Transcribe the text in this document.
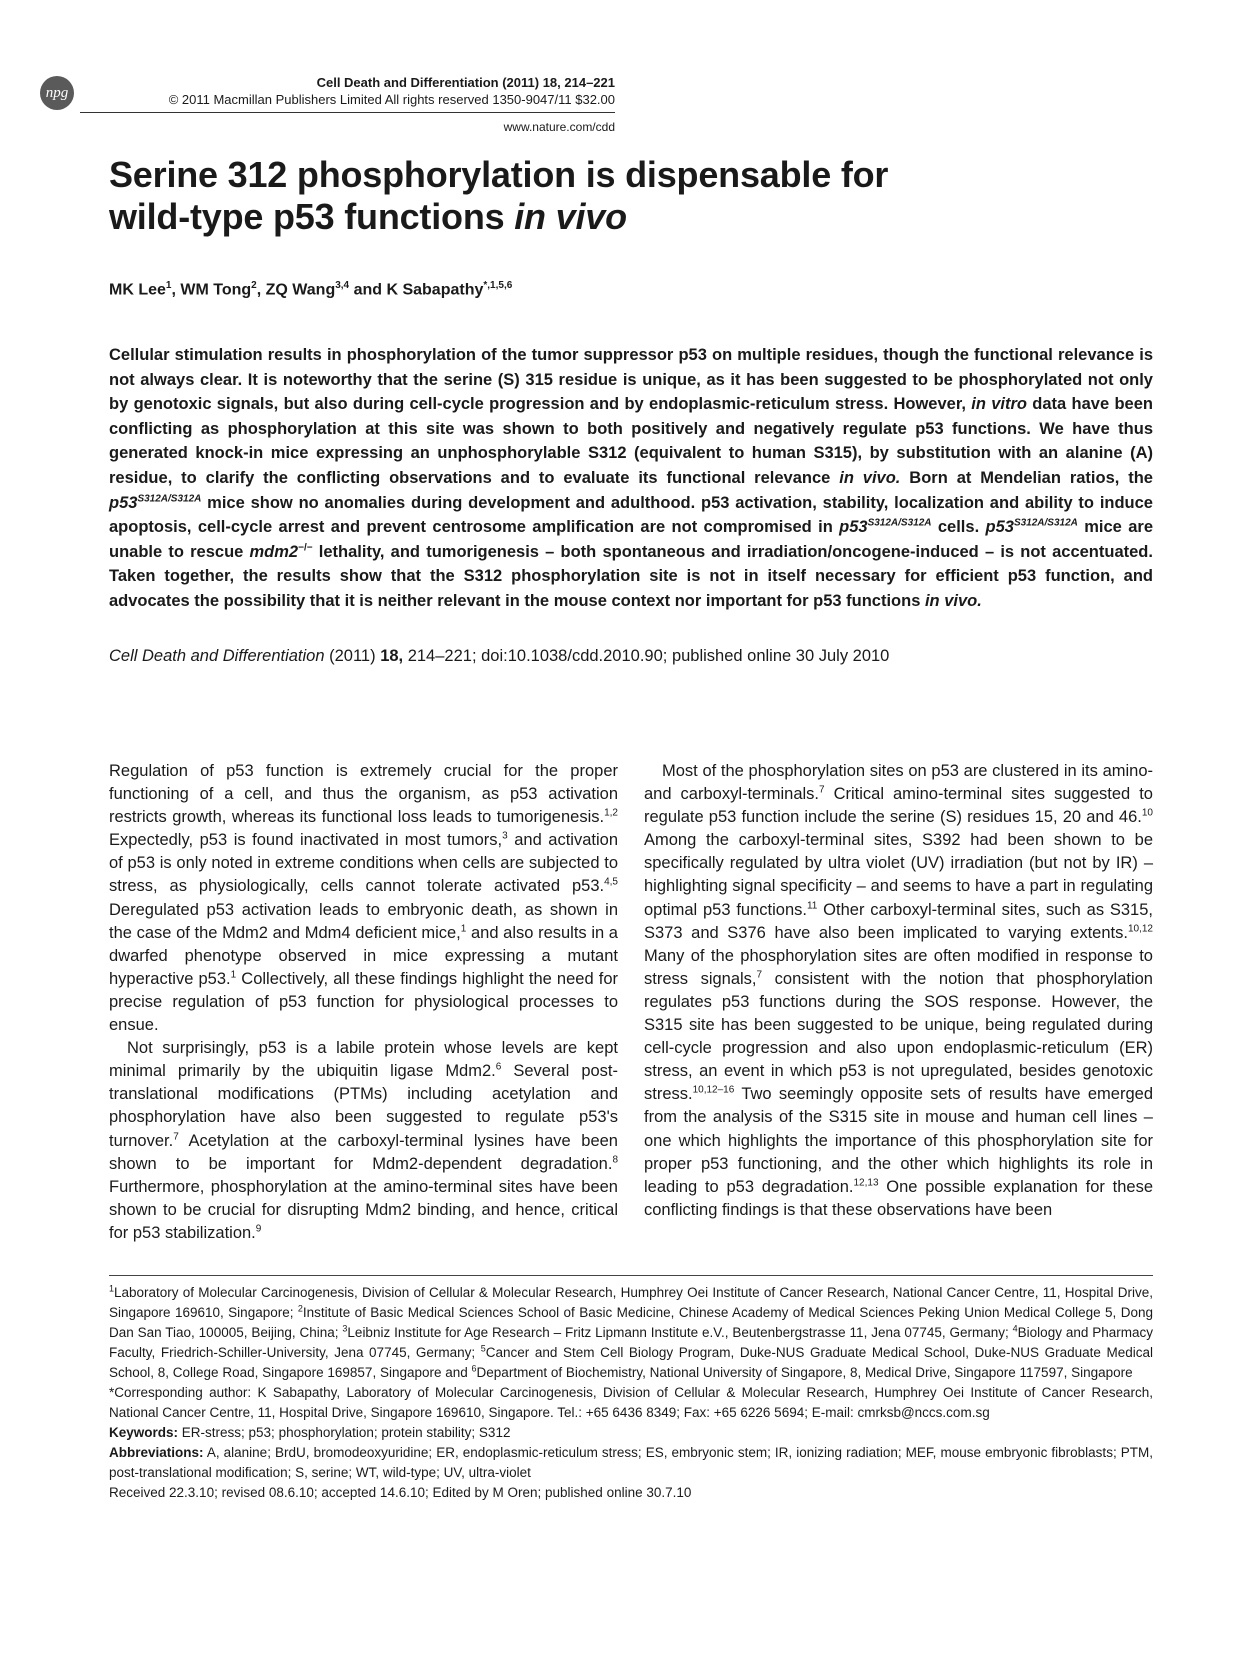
npg
Cell Death and Differentiation (2011) 18, 214–221
© 2011 Macmillan Publishers Limited All rights reserved 1350-9047/11 $32.00
www.nature.com/cdd
Serine 312 phosphorylation is dispensable for
wild-type p53 functions in vivo
MK Lee$^1$, WM Tong$^2$, ZQ Wang$^{3,4}$ and K Sabapathy$^{*,1,5,6}$
Cellular stimulation results in phosphorylation of the tumor suppressor p53 on multiple residues, though the functional relevance is not always clear. It is noteworthy that the serine (S) 315 residue is unique, as it has been suggested to be phosphorylated not only by genotoxic signals, but also during cell-cycle progression and by endoplasmic-reticulum stress. However, in vitro data have been conflicting as phosphorylation at this site was shown to both positively and negatively regulate p53 functions. We have thus generated knock-in mice expressing an unphosphorylable S312 (equivalent to human S315), by substitution with an alanine (A) residue, to clarify the conflicting observations and to evaluate its functional relevance in vivo. Born at Mendelian ratios, the $p53^{S312A/S312A}$ mice show no anomalies during development and adulthood. p53 activation, stability, localization and ability to induce apoptosis, cell-cycle arrest and prevent centrosome amplification are not compromised in $p53^{S312A/S312A}$ cells. $p53^{S312A/S312A}$ mice are unable to rescue mdm2−/− lethality, and tumorigenesis – both spontaneous and irradiation/oncogene-induced – is not accentuated. Taken together, the results show that the S312 phosphorylation site is not in itself necessary for efficient p53 function, and advocates the possibility that it is neither relevant in the mouse context nor important for p53 functions in vivo.
Cell Death and Differentiation (2011) 18, 214–221; doi:10.1038/cdd.2010.90; published online 30 July 2010

Regulation of p53 function is extremely crucial for the proper functioning of a cell, and thus the organism, as p53 activation restricts growth, whereas its functional loss leads to tumorigenesis.$^{1,2}$ Expectedly, p53 is found inactivated in most tumors,$^3$ and activation of p53 is only noted in extreme conditions when cells are subjected to stress, as physiologically, cells cannot tolerate activated p53.$^{4,5}$ Deregulated p53 activation leads to embryonic death, as shown in the case of the Mdm2 and Mdm4 deficient mice,$^1$ and also results in a dwarfed phenotype observed in mice expressing a mutant hyperactive p53.$^1$ Collectively, all these findings highlight the need for precise regulation of p53 function for physiological processes to ensue.

Not surprisingly, p53 is a labile protein whose levels are kept minimal primarily by the ubiquitin ligase Mdm2.$^6$ Several post-translational modifications (PTMs) including acetylation and phosphorylation have also been suggested to regulate p53's turnover.$^7$ Acetylation at the carboxyl-terminal lysines have been shown to be important for Mdm2-dependent degradation.$^8$ Furthermore, phosphorylation at the amino-terminal sites have been shown to be crucial for disrupting Mdm2 binding, and hence, critical for p53 stabilization.$^9$

Most of the phosphorylation sites on p53 are clustered in its amino- and carboxyl-terminals.$^7$ Critical amino-terminal sites suggested to regulate p53 function include the serine (S) residues 15, 20 and 46.10 Among the carboxyl-terminal sites, S392 had been shown to be specifically regulated by ultra violet (UV) irradiation (but not by IR) – highlighting signal specificity – and seems to have a part in regulating optimal p53 functions.$^{11}$ Other carboxyl-terminal sites, such as S315, S373 and S376 have also been implicated to varying extents.$^{10,12}$ Many of the phosphorylation sites are often modified in response to stress signals,$^7$ consistent with the notion that phosphorylation regulates p53 functions during the SOS response. However, the S315 site has been suggested to be unique, being regulated during cell-cycle progression and also upon endoplasmic-reticulum (ER) stress, an event in which p53 is not upregulated, besides genotoxic stress.$^{10,12-16}$ Two seemingly opposite sets of results have emerged from the analysis of the S315 site in mouse and human cell lines – one which highlights the importance of this phosphorylation site for proper p53 functioning, and the other which highlights its role in leading to p53 degradation.$^{12,13}$ One possible explanation for these conflicting findings is that these observations have been

$^1$Laboratory of Molecular Carcinogenesis, Division of Cellular & Molecular Research, Humphrey Oei Institute of Cancer Research, National Cancer Centre, 11, Hospital Drive, Singapore 169610, Singapore; $^2$Institute of Basic Medical Sciences School of Basic Medicine, Chinese Academy of Medical Sciences Peking Union Medical College 5, Dong Dan San Tiao, 100005, Beijing, China; $^3$Leibniz Institute for Age Research – Fritz Lipmann Institute e.V., Beutenbergstrasse 11, Jena 07745, Germany; $^4$Biology and Pharmacy Faculty, Friedrich-Schiller-University, Jena 07745, Germany; $^5$Cancer and Stem Cell Biology Program, Duke-NUS Graduate Medical School, Duke-NUS Graduate Medical School, 8, College Road, Singapore 169857, Singapore and $^6$Department of Biochemistry, National University of Singapore, 8, Medical Drive, Singapore 117597, Singapore

*Corresponding author: K Sabapathy, Laboratory of Molecular Carcinogenesis, Division of Cellular & Molecular Research, Humphrey Oei Institute of Cancer Research, National Cancer Centre, 11, Hospital Drive, Singapore 169610, Singapore. Tel.: +65 6436 8349; Fax: +65 6226 5694; E-mail: cmrksb@nccs.com.sg

Keywords: ER-stress; p53; phosphorylation; protein stability; S312

Abbreviations: A, alanine; BrdU, bromodeoxyuridine; ER, endoplasmic-reticulum stress; ES, embryonic stem; IR, ionizing radiation; MEF, mouse embryonic fibroblasts; PTM, post-translational modification; S, serine; WT, wild-type; UV, ultra-violet

Received 22.3.10; revised 08.6.10; accepted 14.6.10; Edited by M Oren; published online 30.7.10
